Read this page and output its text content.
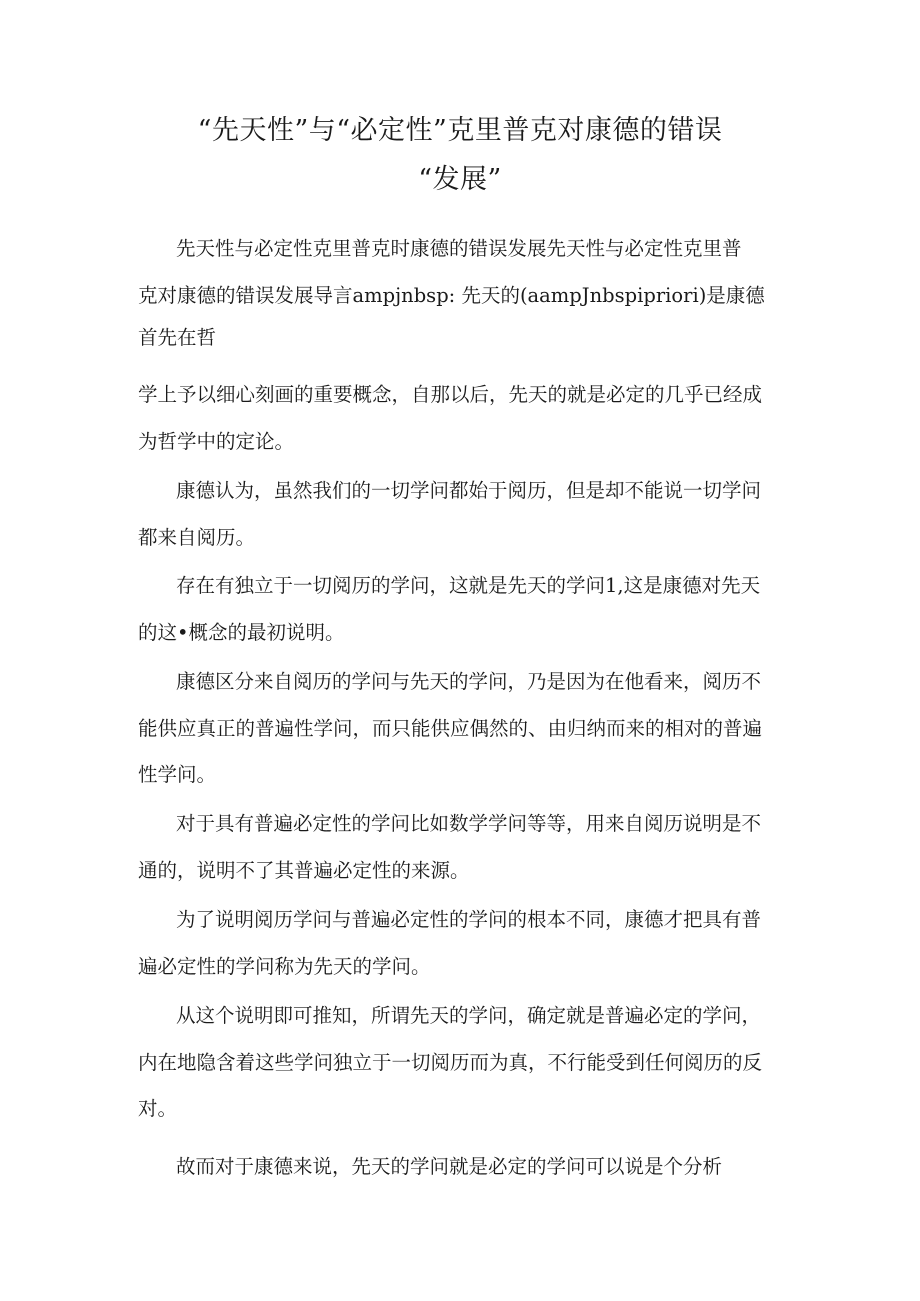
“先天性”与“必定性”克里普克对康德的错误
“发展”
先天性与必定性克里普克时康德的错误发展先天性与必定性克里普
克对康德的错误发展导言ampjnbsp: 先天的(aampJnbspipriori)是康德
首先在哲
学上予以细心刻画的重要概念，自那以后，先天的就是必定的几乎已经成
为哲学中的定论。
康德认为，虽然我们的一切学问都始于阅历，但是却不能说一切学问
都来自阅历。
存在有独立于一切阅历的学问，这就是先天的学问1,这是康德对先天
的这•概念的最初说明。
康德区分来自阅历的学问与先天的学问，乃是因为在他看来，阅历不
能供应真正的普遍性学问，而只能供应偶然的、由归纳而来的相对的普遍
性学问。
对于具有普遍必定性的学问比如数学学问等等，用来自阅历说明是不
通的，说明不了其普遍必定性的来源。
为了说明阅历学问与普遍必定性的学问的根本不同，康德才把具有普
遍必定性的学问称为先天的学问。
从这个说明即可推知，所谓先天的学问，确定就是普遍必定的学问，
内在地隐含着这些学问独立于一切阅历而为真，不行能受到任何阅历的反
对。
故而对于康德来说，先天的学问就是必定的学问可以说是个分析
